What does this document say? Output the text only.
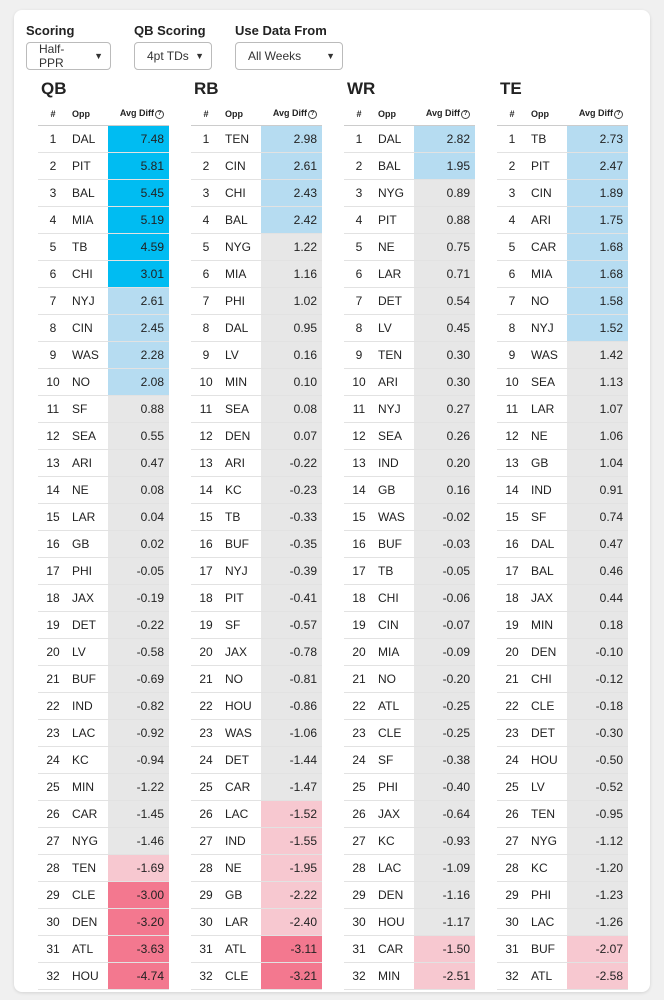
Scoring
Half-PPR	▼
QB Scoring
4pt TDs ▼
Use Data From
All Weeks	▼
QB
#	Opp	Avg Diff ?
1	DAL	7.48
2	PIT	5.81
3	BAL	5.45
4	MIA	5.19
5	TB	4.59
6	CHI	3.01
7	NYJ	2.61
8	CIN	2.45
9	WAS	2.28
10	NO	2.08
11	SF	0.88
12	SEA	0.55
13	ARI	0.47
14	NE	0.08
15	LAR	0.04
16	GB	0.02
17	PHI	-0.05
18	JAX	-0.19
19	DET	-0.22
20	LV	-0.58
21	BUF	-0.69
22	IND	-0.82
23	LAC	-0.92
24	KC	-0.94
25	MIN	-1.22
26	CAR	-1.45
27	NYG	-1.46
28	TEN	-1.69
29	CLE	-3.00
30	DEN	-3.20
31	ATL	-3.63
32	HOU	-4.74
RB
#	Opp	Avg Diff ?
1	TEN	2.98
2	CIN	2.61
3	CHI	2.43
4	BAL	2.42
5	NYG	1.22
6	MIA	1.16
7	PHI	1.02
8	DAL	0.95
9	LV	0.16
10	MIN	0.10
11	SEA	0.08
12	DEN	0.07
13	ARI	-0.22
14	KC	-0.23
15	TB	-0.33
16	BUF	-0.35
17	NYJ	-0.39
18	PIT	-0.41
19	SF	-0.57
20	JAX	-0.78
21	NO	-0.81
22	HOU	-0.86
23	WAS	-1.06
24	DET	-1.44
25	CAR	-1.47
26	LAC	-1.52
27	IND	-1.55
28	NE	-1.95
29	GB	-2.22
30	LAR	-2.40
31	ATL	-3.11
32	CLE	-3.21
WR
#	Opp	Avg Diff ?
1	DAL	2.82
2	BAL	1.95
3	NYG	0.89
4	PIT	0.88
5	NE	0.75
6	LAR	0.71
7	DET	0.54
8	LV	0.45
9	TEN	0.30
10	ARI	0.30
11	NYJ	0.27
12	SEA	0.26
13	IND	0.20
14	GB	0.16
15	WAS	-0.02
16	BUF	-0.03
17	TB	-0.05
18	CHI	-0.06
19	CIN	-0.07
20	MIA	-0.09
21	NO	-0.20
22	ATL	-0.25
23	CLE	-0.25
24	SF	-0.38
25	PHI	-0.40
26	JAX	-0.64
27	KC	-0.93
28	LAC	-1.09
29	DEN	-1.16
30	HOU	-1.17
31	CAR	-1.50
32	MIN	-2.51
TE
#	Opp	Avg Diff ?
1	TB	2.73
2	PIT	2.47
3	CIN	1.89
4	ARI	1.75
5	CAR	1.68
6	MIA	1.68
7	NO	1.58
8	NYJ	1.52
9	WAS	1.42
10	SEA	1.13
11	LAR	1.07
12	NE	1.06
13	GB	1.04
14	IND	0.91
15	SF	0.74
16	DAL	0.47
17	BAL	0.46
18	JAX	0.44
19	MIN	0.18
20	DEN	-0.10
21	CHI	-0.12
22	CLE	-0.18
23	DET	-0.30
24	HOU	-0.50
25	LV	-0.52
26	TEN	-0.95
27	NYG	-1.12
28	KC	-1.20
29	PHI	-1.23
30	LAC	-1.26
31	BUF	-2.07
32	ATL	-2.58
